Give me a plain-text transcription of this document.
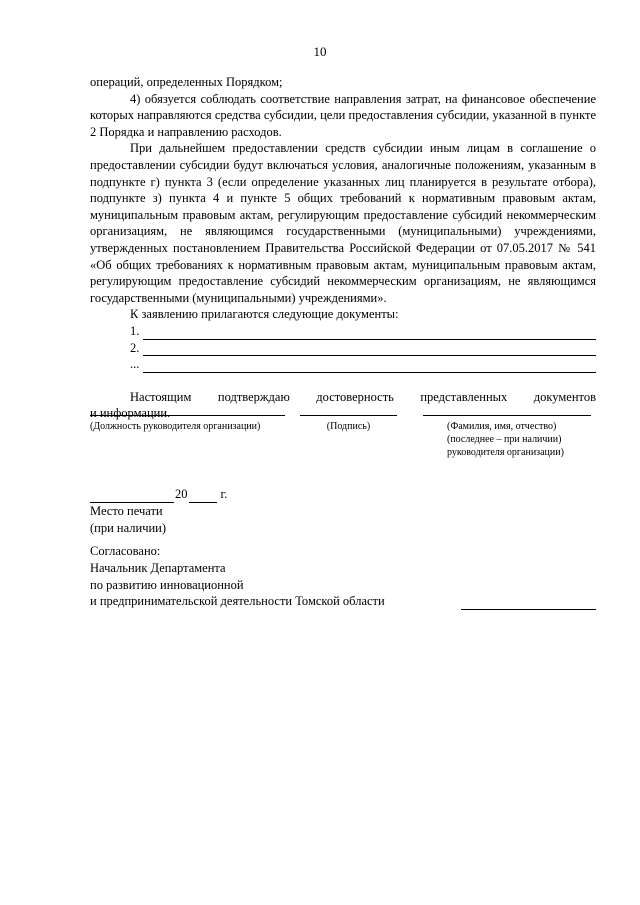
10

операций, определенных Порядком;

4) обязуется соблюдать соответствие направления затрат, на финансовое обеспечение которых направляются средства субсидии, цели предоставления субсидии, указанной в пункте 2 Порядка и направлению расходов.

При дальнейшем предоставлении средств субсидии иным лицам в соглашение о предоставлении субсидии будут включаться условия, аналогичные положениям, указанным в подпункте г) пункта 3 (если определение указанных лиц планируется в результате отбора), подпункте з) пункта 4 и пункте 5 общих требований к нормативным правовым актам, муниципальным правовым актам, регулирующим предоставление субсидий некоммерческим организациям, не являющимся государственными (муниципальными) учреждениями, утвержденных постановлением Правительства Российской Федерации от 07.05.2017 № 541 «Об общих требованиях к нормативным правовым актам, муниципальным правовым актам, регулирующим предоставление субсидий некоммерческим организациям, не являющимся государственными (муниципальными) учреждениями».

К заявлению прилагаются следующие документы:

1.
2.
...
Настоящим подтверждаю достоверность представленных документов
и информации.
(Должность руководителя организации)	(Подпись)	(Фамилия, имя, отчество)
(последнее – при наличии)
руководителя организации)
20	г.
Место печати
(при наличии)
Согласовано:
Начальник Департамента
по развитию инновационной
и предпринимательской деятельности Томской области
